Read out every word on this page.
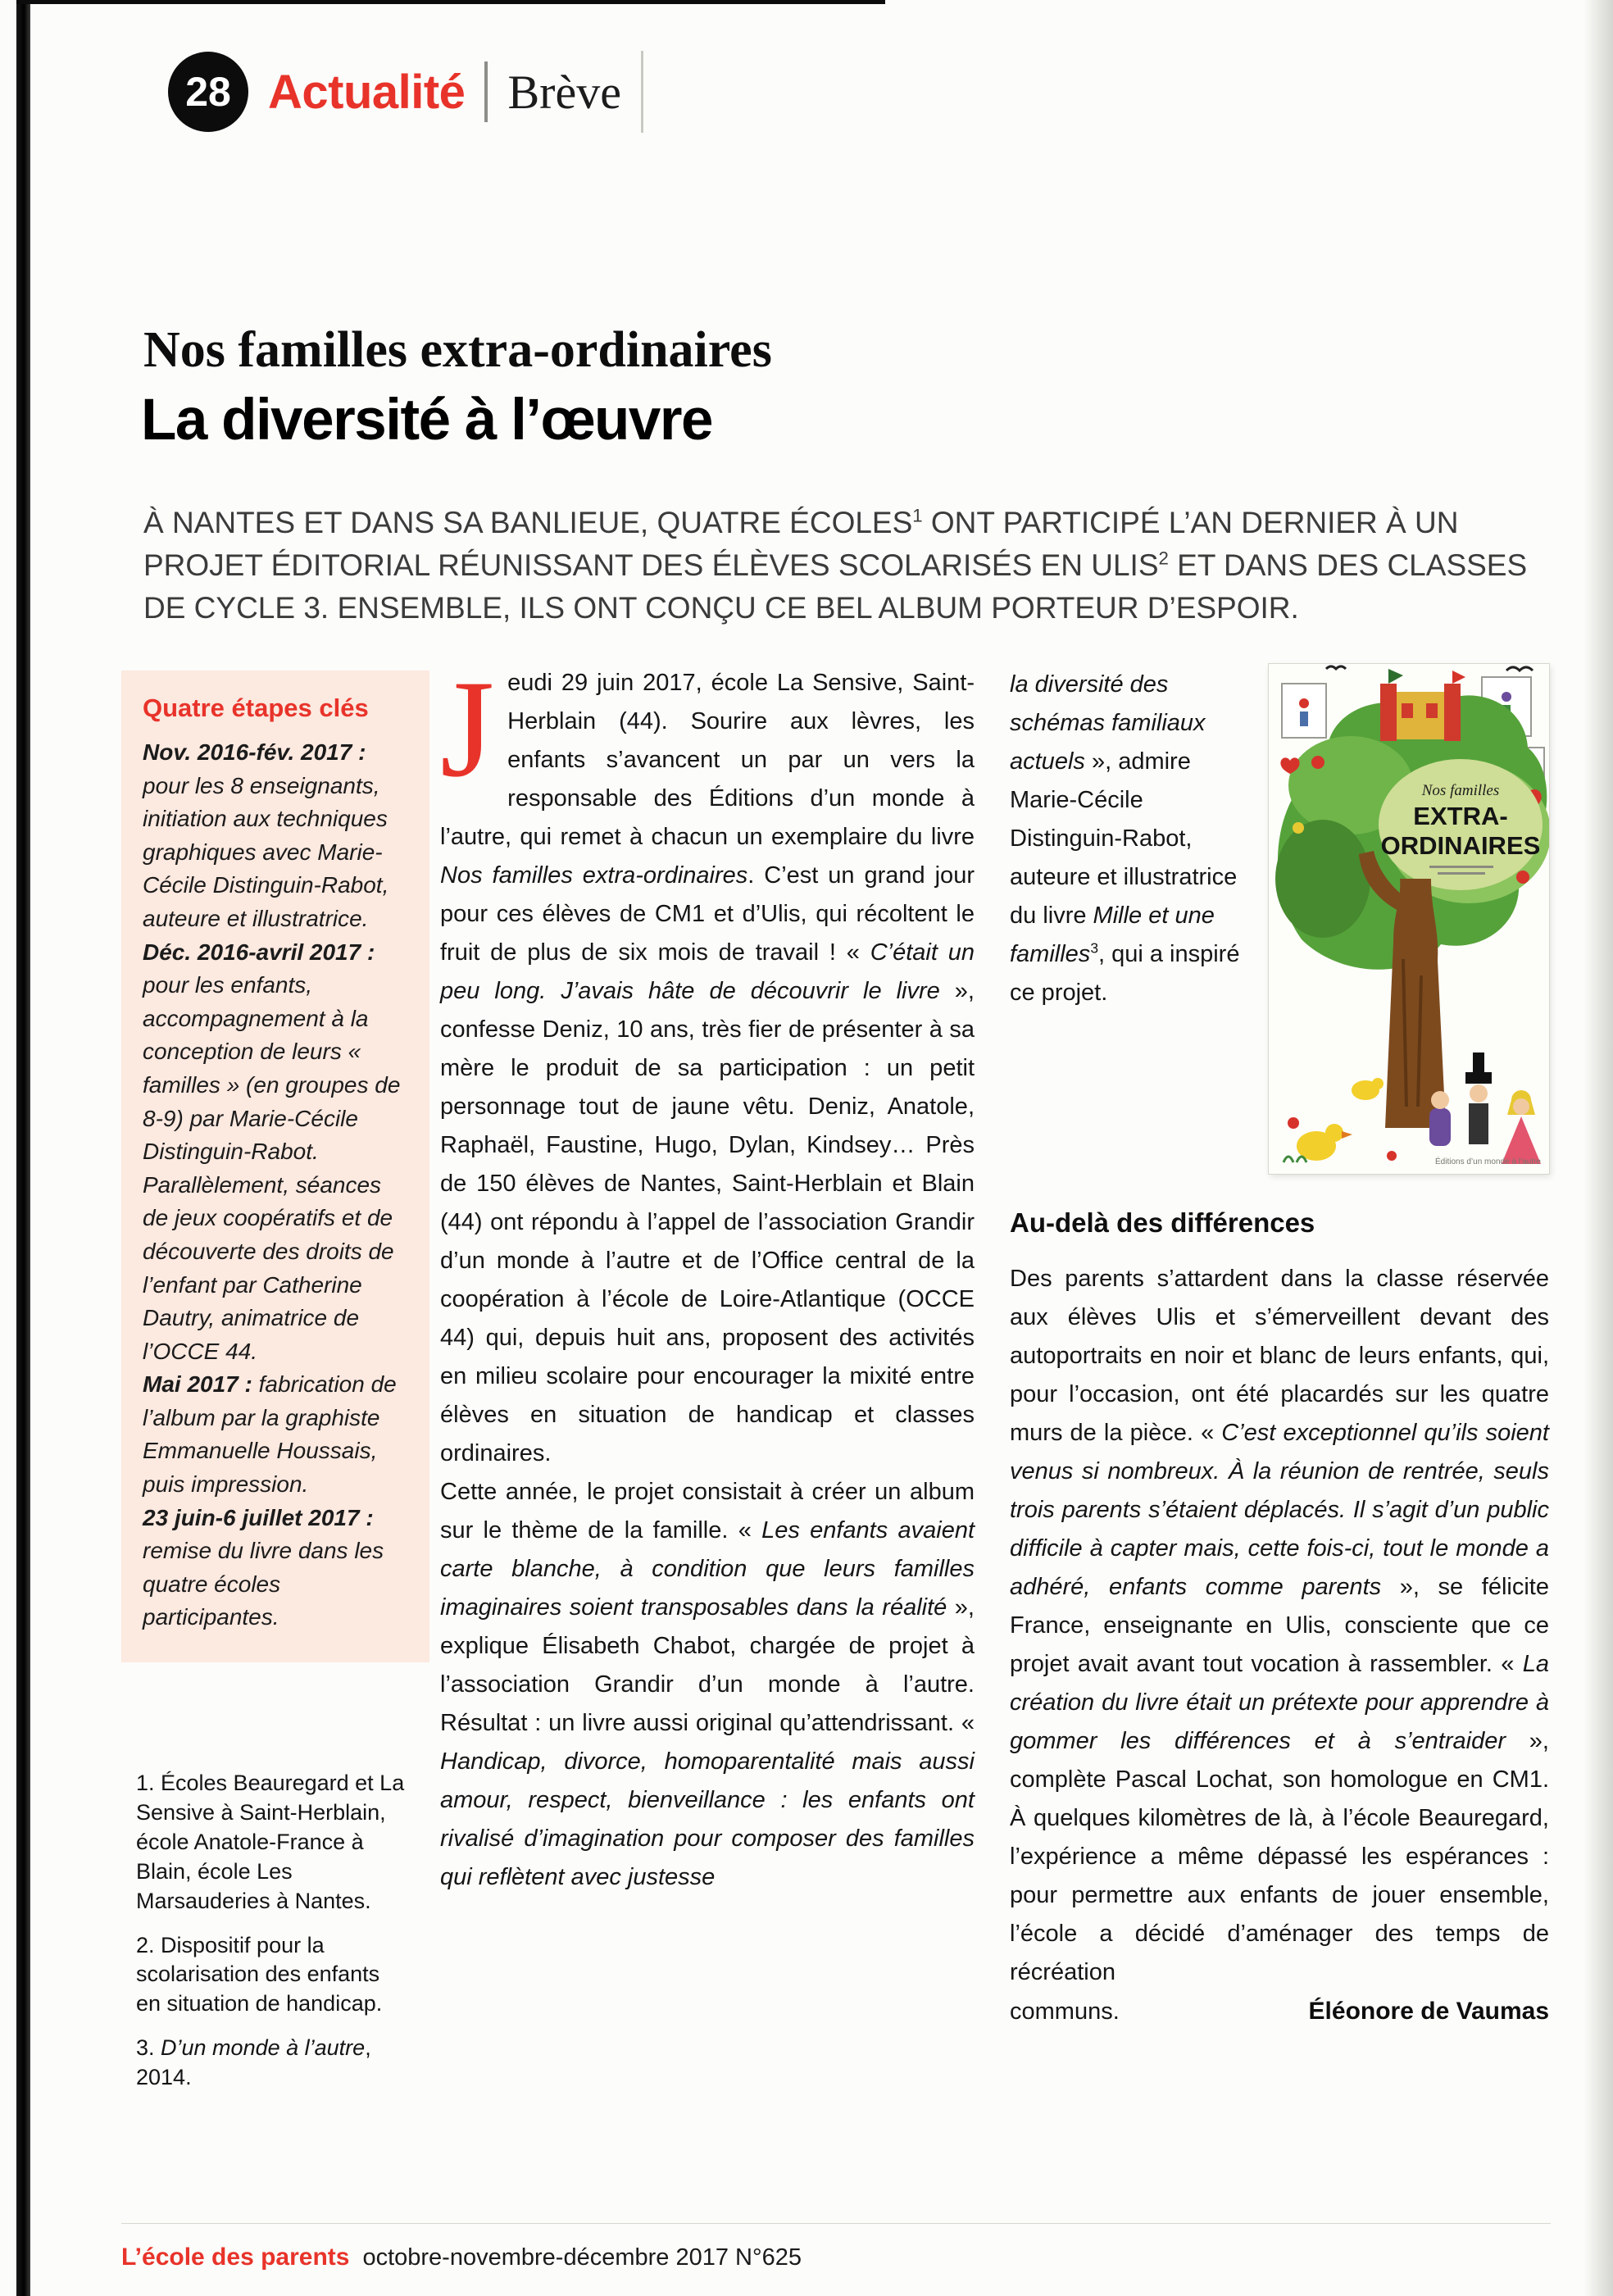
28 Actualité Brève
Nos familles extra-ordinaires
La diversité à l’œuvre

À NANTES ET DANS SA BANLIEUE, QUATRE ÉCOLES$^1$ ONT PARTICIPÉ L’AN DERNIER À UN PROJET ÉDITORIAL RÉUNISSANT DES ÉLÈVES SCOLARISÉS EN ULIS$^2$ ET DANS DES CLASSES DE CYCLE 3. ENSEMBLE, ILS ONT CONÇU CE BEL ALBUM PORTEUR D’ESPOIR.

Quatre étapes clés

Nov. 2016-fév. 2017 : pour les 8 enseignants, initiation aux techniques graphiques avec Marie-Cécile Distinguin-Rabot, auteure et illustratrice.

Déc. 2016-avril 2017 : pour les enfants, accompagnement à la conception de leurs « familles » (en groupes de 8-9) par Marie-Cécile Distinguin-Rabot. Parallèlement, séances de jeux coopératifs et de découverte des droits de l’enfant par Catherine Dautry, animatrice de l’OCCE 44.

Mai 2017 : fabrication de l’album par la graphiste Emmanuelle Houssais, puis impression.

23 juin-6 juillet 2017 : remise du livre dans les quatre écoles participantes.

1. Écoles Beauregard et La Sensive à Saint-Herblain, école Anatole-France à Blain, école Les Marsauderies à Nantes.

2. Dispositif pour la scolarisation des enfants en situation de handicap.

3. D’un monde à l’autre, 2014.

Jeudi 29 juin 2017, école La Sensive, Saint-Herblain (44). Sourire aux lèvres, les enfants s’avancent un par un vers la responsable des Éditions d’un monde à l’autre, qui remet à chacun un exemplaire du livre Nos familles extra-ordinaires. C’est un grand jour pour ces élèves de CM1 et d’Ulis, qui récoltent le fruit de plus de six mois de travail ! « C’était un peu long. J’avais hâte de découvrir le livre », confesse Deniz, 10 ans, très fier de présenter à sa mère le produit de sa participation : un petit personnage tout de jaune vêtu. Deniz, Anatole, Raphaël, Faustine, Hugo, Dylan, Kindsey… Près de 150 élèves de Nantes, Saint-Herblain et Blain (44) ont répondu à l’appel de l’association Grandir d’un monde à l’autre et de l’Office central de la coopération à l’école de Loire-Atlantique (OCCE 44) qui, depuis huit ans, proposent des activités en milieu scolaire pour encourager la mixité entre élèves en situation de handicap et classes ordinaires.

Cette année, le projet consistait à créer un album sur le thème de la famille. « Les enfants avaient carte blanche, à condition que leurs familles imaginaires soient transposables dans la réalité », explique Élisabeth Chabot, chargée de projet à l’association Grandir d’un monde à l’autre. Résultat : un livre aussi original qu’attendrissant. « Handicap, divorce, homoparentalité mais aussi amour, respect, bienveillance : les enfants ont rivalisé d’imagination pour composer des familles qui reflètent avec justesse

la diversité des schémas familiaux actuels », admire Marie-Cécile Distinguin-Rabot, auteure et illustratrice du livre Mille et une familles$^3$, qui a inspiré ce projet.

Au-delà des différences

Des parents s’attardent dans la classe réservée aux élèves Ulis et s’émerveillent devant des autoportraits en noir et blanc de leurs enfants, qui, pour l’occasion, ont été placardés sur les quatre murs de la pièce. « C’est exceptionnel qu’ils soient venus si nombreux. À la réunion de rentrée, seuls trois parents s’étaient déplacés. Il s’agit d’un public difficile à capter mais, cette fois-ci, tout le monde a adhéré, enfants comme parents », se félicite France, enseignante en Ulis, consciente que ce projet avait avant tout vocation à rassembler. « La création du livre était un prétexte pour apprendre à gommer les différences et à s’entraider », complète Pascal Lochat, son homologue en CM1. À quelques kilomètres de là, à l’école Beauregard, l’expérience a même dépassé les espérances : pour permettre aux enfants de jouer ensemble, l’école a décidé d’aménager des temps de récréation

communs.	Éléonore de Vaumas
Nos familles
EXTRA-
ORDINAIRES
Éditions d’un monde à l’autre
L’école des parents octobre-novembre-décembre 2017 N°625
